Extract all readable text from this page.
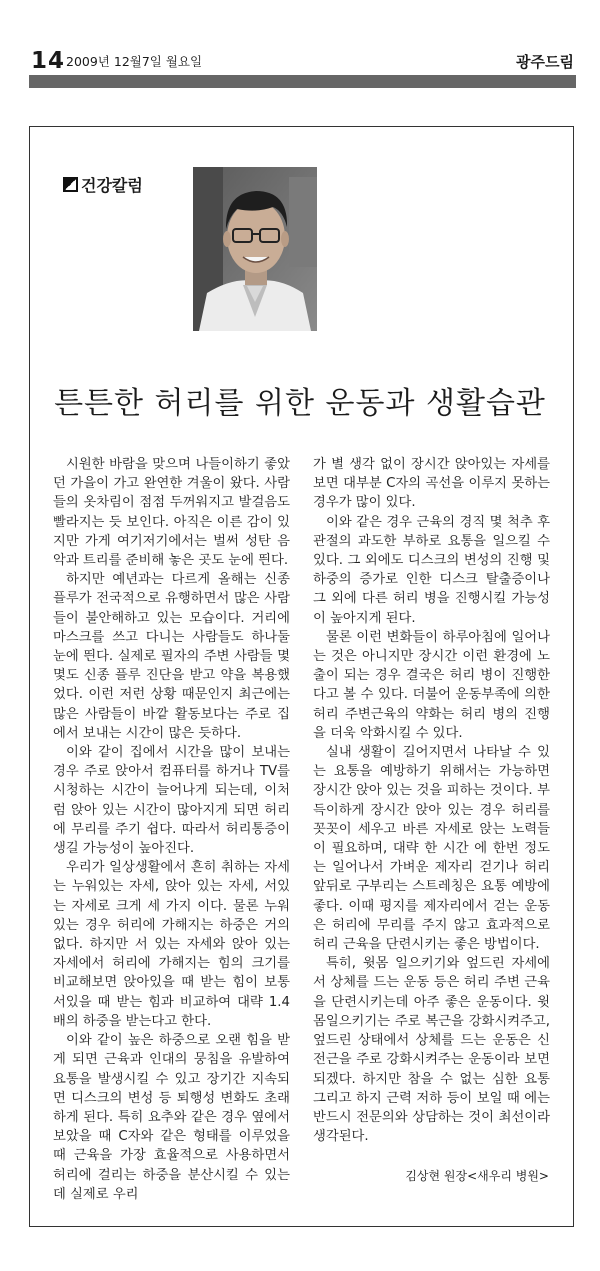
14 2009년 12월7일 월요일	광주드림
건강칼럼
튼튼한 허리를 위한 운동과 생활습관

시원한 바람을 맞으며 나들이하기 좋았던 가을이 가고 완연한 겨울이 왔다. 사람들의 옷차림이 점점 두꺼워지고 발걸음도 빨라지는 듯 보인다. 아직은 이른 감이 있지만 가게 여기저기에서는 벌써 성탄 음악과 트리를 준비해 놓은 곳도 눈에 띈다.

하지만 예년과는 다르게 올해는 신종 플루가 전국적으로 유행하면서 많은 사람들이 불안해하고 있는 모습이다. 거리에 마스크를 쓰고 다니는 사람들도 하나둘 눈에 띈다. 실제로 필자의 주변 사람들 몇몇도 신종 플루 진단을 받고 약을 복용했었다. 이런 저런 상황 때문인지 최근에는 많은 사람들이 바깥 활동보다는 주로 집에서 보내는 시간이 많은 듯하다.

이와 같이 집에서 시간을 많이 보내는 경우 주로 앉아서 컴퓨터를 하거나 TV를 시청하는 시간이 늘어나게 되는데, 이처럼 앉아 있는 시간이 많아지게 되면 허리에 무리를 주기 쉽다. 따라서 허리통증이 생길 가능성이 높아진다.

우리가 일상생활에서 흔히 취하는 자세는 누워있는 자세, 앉아 있는 자세, 서있는 자세로 크게 세 가지 이다. 물론 누워있는 경우 허리에 가해지는 하중은 거의 없다. 하지만 서 있는 자세와 앉아 있는 자세에서 허리에 가해지는 힘의 크기를 비교해보면 앉아있을 때 받는 힘이 보통 서있을 때 받는 힘과 비교하여 대략 1.4배의 하중을 받는다고 한다.

이와 같이 높은 하중으로 오랜 힘을 받게 되면 근육과 인대의 뭉침을 유발하여 요통을 발생시킬 수 있고 장기간 지속되면 디스크의 변성 등 퇴행성 변화도 초래하게 된다. 특히 요추와 같은 경우 옆에서 보았을 때 C자와 같은 형태를 이루었을 때 근육을 가장 효율적으로 사용하면서 허리에 걸리는 하중을 분산시킬 수 있는데 실제로 우리

가 별 생각 없이 장시간 앉아있는 자세를 보면 대부분 C자의 곡선을 이루지 못하는 경우가 많이 있다.

이와 같은 경우 근육의 경직 몇 척추 후관절의 과도한 부하로 요통을 일으킬 수 있다. 그 외에도 디스크의 변성의 진행 및 하중의 증가로 인한 디스크 탈출증이나 그 외에 다른 허리 병을 진행시킬 가능성이 높아지게 된다.

물론 이런 변화들이 하루아침에 일어나는 것은 아니지만 장시간 이런 환경에 노출이 되는 경우 결국은 허리 병이 진행한다고 볼 수 있다. 더불어 운동부족에 의한 허리 주변근육의 약화는 허리 병의 진행을 더욱 악화시킬 수 있다.

실내 생활이 길어지면서 나타날 수 있는 요통을 예방하기 위해서는 가능하면 장시간 앉아 있는 것을 피하는 것이다. 부득이하게 장시간 앉아 있는 경우 허리를 꼿꼿이 세우고 바른 자세로 앉는 노력들이 필요하며, 대략 한 시간 에 한번 정도는 일어나서 가벼운 제자리 걷기나 허리 앞뒤로 구부리는 스트레칭은 요통 예방에 좋다. 이때 평지를 제자리에서 걷는 운동은 허리에 무리를 주지 않고 효과적으로 허리 근육을 단련시키는 좋은 방법이다.

특히, 윗몸 일으키기와 엎드린 자세에서 상체를 드는 운동 등은 허리 주변 근육을 단련시키는데 아주 좋은 운동이다. 윗몸일으키기는 주로 복근을 강화시켜주고, 엎드린 상태에서 상체를 드는 운동은 신전근을 주로 강화시켜주는 운동이라 보면 되겠다. 하지만 참을 수 없는 심한 요통 그리고 하지 근력 저하 등이 보일 때 에는 반드시 전문의와 상담하는 것이 최선이라 생각된다.

김상현 원장<새우리 병원>
